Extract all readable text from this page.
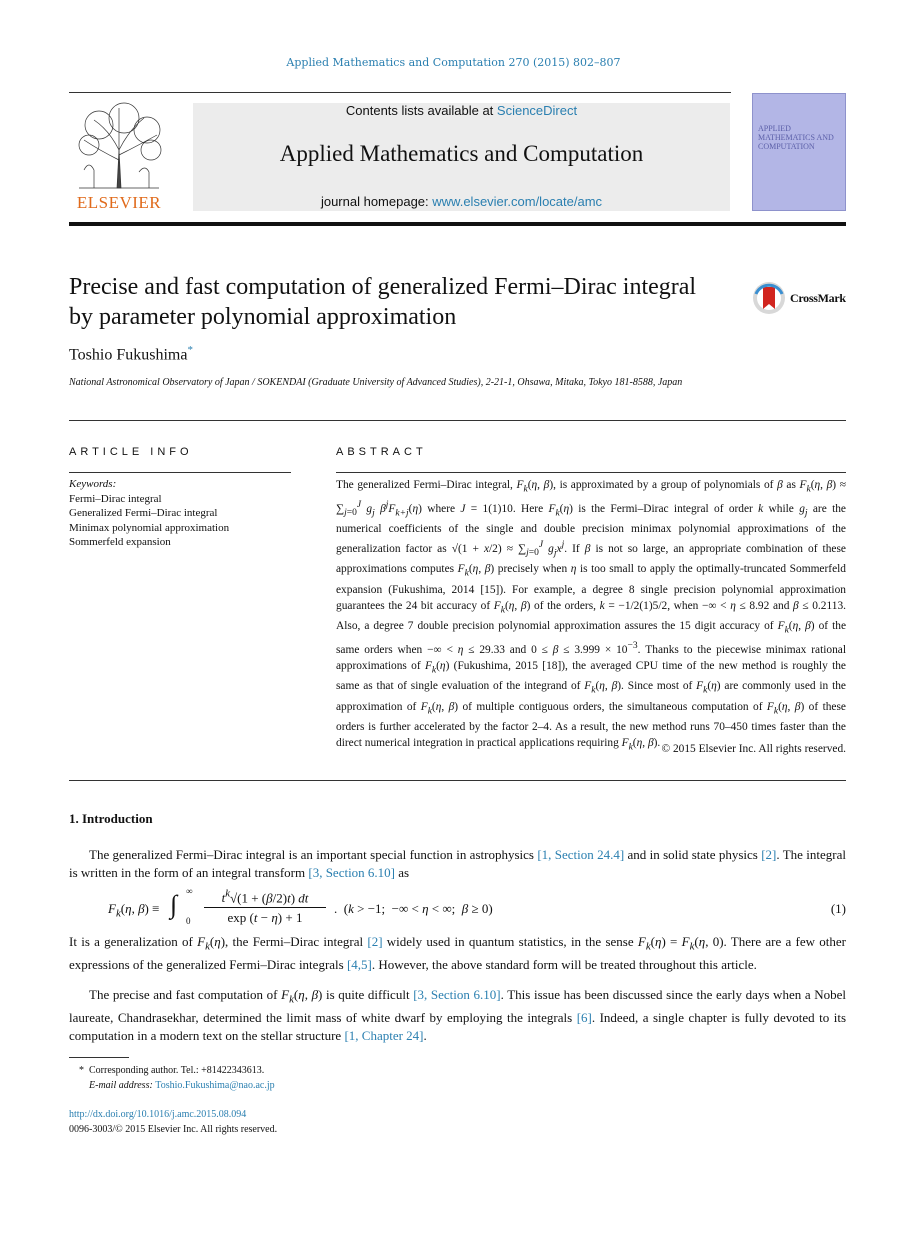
Applied Mathematics and Computation 270 (2015) 802–807
ELSEVIER
Contents lists available at ScienceDirect
Applied Mathematics and Computation
journal homepage: www.elsevier.com/locate/amc
APPLIED MATHEMATICS AND COMPUTATION
Precise and fast computation of generalized Fermi–Dirac integral by parameter polynomial approximation
CrossMark
Toshio Fukushima*
National Astronomical Observatory of Japan / SOKENDAI (Graduate University of Advanced Studies), 2-21-1, Ohsawa, Mitaka, Tokyo 181-8588, Japan
ARTICLE INFO	ABSTRACT
Keywords:
Fermi–Dirac integral
Generalized Fermi–Dirac integral
Minimax polynomial approximation
Sommerfeld expansion
The generalized Fermi–Dirac integral, $F_k(\eta$, β), is approximated by a group of polynomials of β as $F_k(\eta$, $\beta) \approx \sum_{j=0}^J$ $g_j$ $\beta^jF_{k+j}(\eta)$ where J = 1(1)10. Here $F_k(\eta)$ is the Fermi–Dirac integral of order k while $g_j$ are the numerical coefficients of the single and double precision minimax polynomial approximations of the generalization factor as $√(1 + x/2) \approx \sum_{j=0}^J$ $g_jx^j$. If β is not so large, an appropriate combination of these approximations computes $F_k(\eta$, β) precisely when η is too small to apply the optimally-truncated Sommerfeld expansion (Fukushima, 2014 [15]). For example, a degree 8 single precision polynomial approximation guarantees the 24 bit accuracy of $F_k(\eta$, β) of the orders, k = −1/2(1)5/2, when −∞ < η ≤ 8.92 and β ≤ 0.2113. Also, a degree 7 double precision polynomial approximation assures the 15 digit accuracy of $F_k(\eta$, β) of the same orders when −∞ < η ≤ 29.33 and $0 \le \beta \le 3.999 \times 10^{-3}$. Thanks to the piecewise minimax rational approximations of $F_k(\eta)$ (Fukushima, 2015 [18]), the averaged CPU time of the new method is roughly the same as that of single evaluation of the integrand of $F_k(\eta$, β). Since most of $F_k(\eta)$ are commonly used in the approximation of $F_k(\eta$, β) of multiple contiguous orders, the simultaneous computation of $F_k(\eta$, β) of these orders is further accelerated by the factor 2–4. As a result, the new method runs 70–450 times faster than the direct numerical integration in practical applications requiring $F_k(\eta$, β).
© 2015 Elsevier Inc. All rights reserved.
1. Introduction
The generalized Fermi–Dirac integral is an important special function in astrophysics [1, Section 24.4] and in solid state physics [2]. The integral is written in the form of an integral transform [3, Section 6.10] as
$F_k(\eta$, β) ≡ ∫ ∞
0
$t^k√(1 + (\beta/2)t)$ dt
exp (t − η) + 1
.  (k > −1;  −∞ < η < ∞;  β ≥ 0)	(1)
It is a generalization of $F_k(\eta)$, the Fermi–Dirac integral [2] widely used in quantum statistics, in the sense $F_k(\eta) = F_k(\eta$, 0). There are a few other expressions of the generalized Fermi–Dirac integrals [4,5]. However, the above standard form will be treated throughout this article.
The precise and fast computation of $F_k(\eta$, β) is quite difficult [3, Section 6.10]. This issue has been discussed since the early days when a Nobel laureate, Chandrasekhar, determined the limit mass of white dwarf by employing the integrals [6]. Indeed, a single chapter is fully devoted to its computation in a modern text on the stellar structure [1, Chapter 24].
* Corresponding author. Tel.: +81422343613.
E-mail address: Toshio.Fukushima@nao.ac.jp
http://dx.doi.org/10.1016/j.amc.2015.08.094
0096-3003/© 2015 Elsevier Inc. All rights reserved.
